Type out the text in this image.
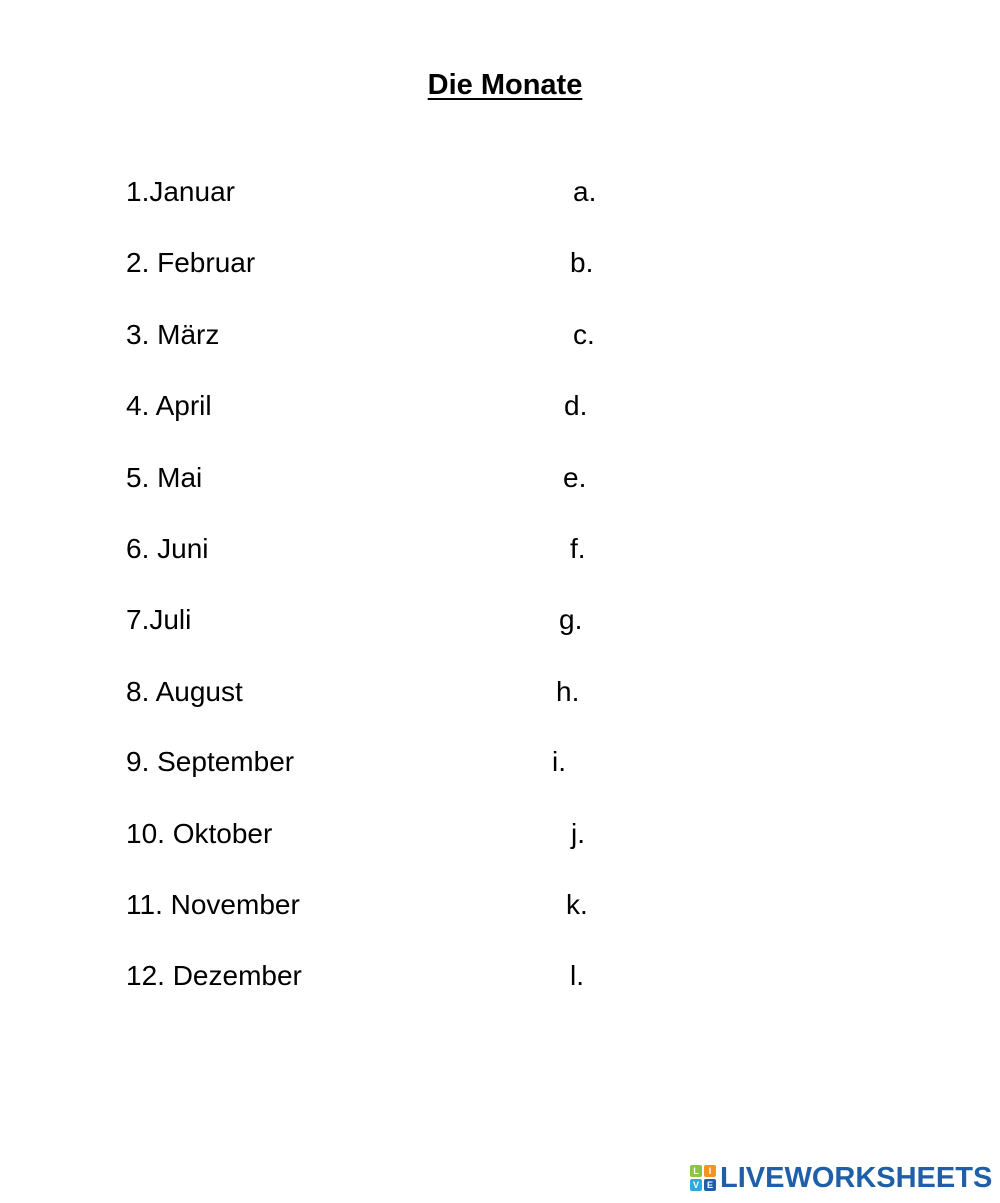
Die Monate
1.Januar
2. Februar
3. März
4. April
5. Mai
6. Juni
7.Juli
8. August
9. September
10. Oktober
11. November
12. Dezember
a.
b.
c.
d.
e.
f.
g.
h.
i.
j.
k.
l.
L	I
V E LIVEWORKSHEETS
